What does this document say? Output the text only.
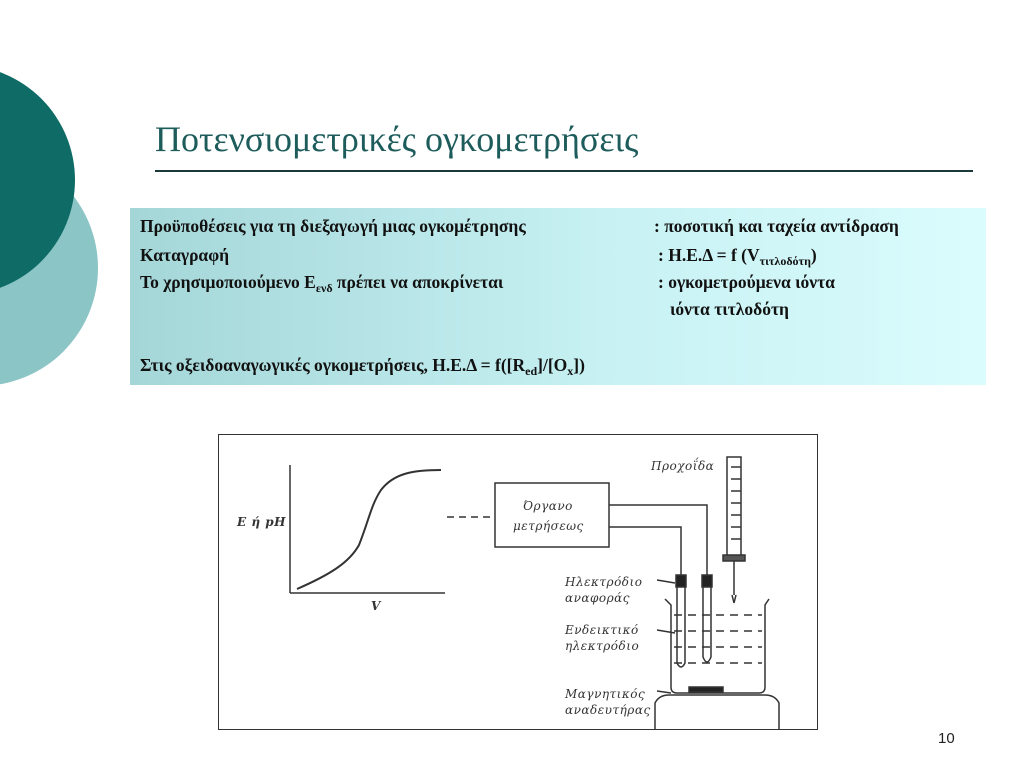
Ποτενσιομετρικές ογκομετρήσεις
Προϋποθέσεις για τη διεξαγωγή μιας ογκομέτρησης	: ποσοτική και ταχεία αντίδραση
Καταγραφή	: Η.Ε.Δ = f $(V_{\tau\iota\tau\lambda o\delta ό\tau\eta})$
Το χρησιμοποιούμενο $E_{\varepsilon\nu\delta}$ πρέπει να αποκρίνεται	: ογκομετρούμενα ιόντα
ιόντα τιτλοδότη
Στις οξειδοαναγωγικές ογκομετρήσεις, $H.E.\Delta = f([R_{ed}]/[O_x])$
E ή pH
V
Όργανο
μετρήσεως
Προχοΐδα
Ηλεκτρόδιο
αναφοράς
Ενδεικτικό
ηλεκτρόδιο
Μαγνητικός
αναδευτήρας
10
